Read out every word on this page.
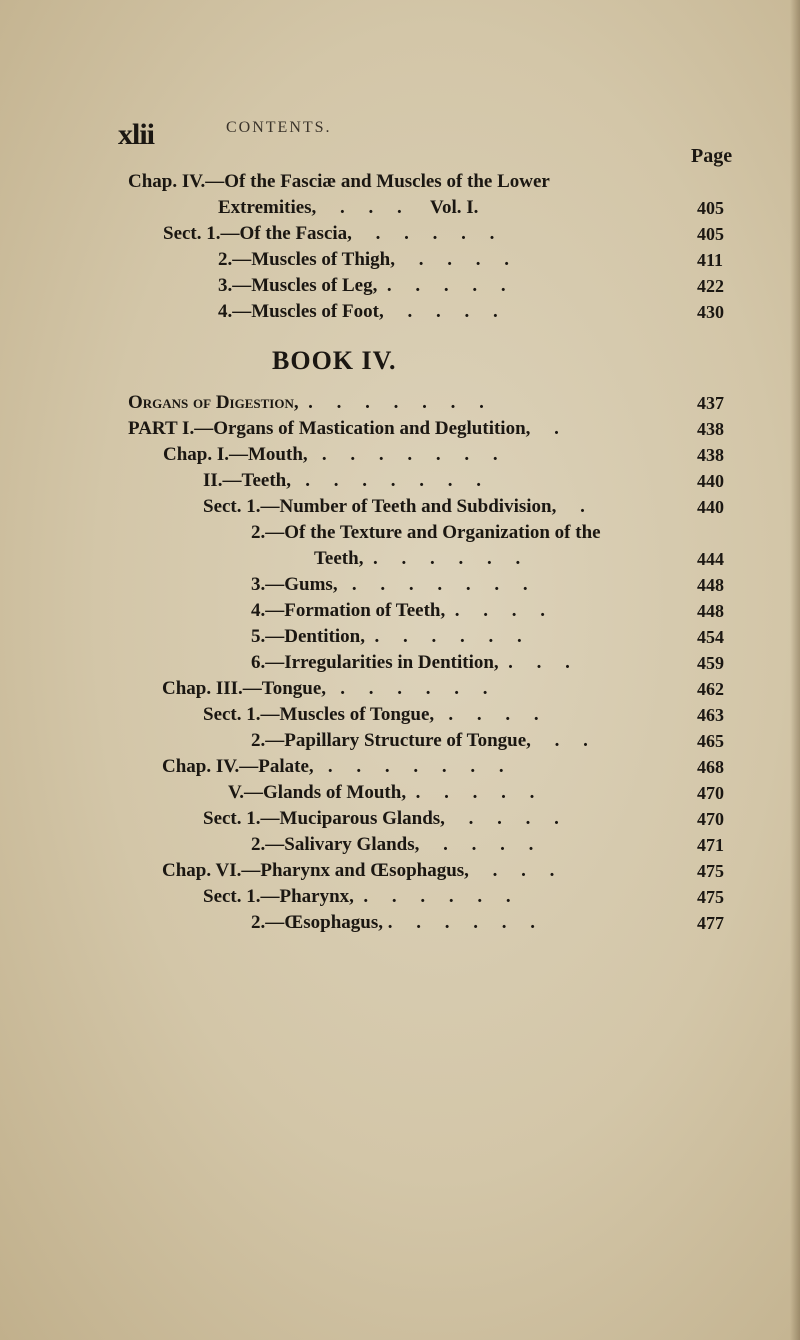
xlii	CONTENTS.
Page
Chap. IV.—Of the Fasciæ and Muscles of the Lower
Extremities,     .     .     .      Vol. I.	405
Sect. 1.—Of the Fascia,     .     .     .     .     .	405
2.—Muscles of Thigh,     .     .     .     .	411
3.—Muscles of Leg,  .     .     .     .     .	422
4.—Muscles of Foot,     .     .     .     .	430
BOOK IV.
Organs of Digestion,  .     .     .     .     .     .     .	437
PART I.—Organs of Mastication and Deglutition,     .	438
Chap. I.—Mouth,   .     .     .     .     .     .     .	438
II.—Teeth,   .     .     .     .     .     .     .	440
Sect. 1.—Number of Teeth and Subdivision,     .	440
2.—Of the Texture and Organization of the
Teeth,  .     .     .     .     .     .	444
3.—Gums,   .     .     .     .     .     .     .	448
4.—Formation of Teeth,  .     .     .     .	448
5.—Dentition,  .     .     .     .     .     .	454
6.—Irregularities in Dentition,  .     .     .	459
Chap. III.—Tongue,   .     .     .     .     .     .	462
Sect. 1.—Muscles of Tongue,   .     .     .     .	463
2.—Papillary Structure of Tongue,     .     .	465
Chap. IV.—Palate,   .     .     .     .     .     .     .	468
V.—Glands of Mouth,  .     .     .     .     .	470
Sect. 1.—Muciparous Glands,     .     .     .     .	470
2.—Salivary Glands,     .     .     .     .	471
Chap. VI.—Pharynx and Œsophagus,     .     .     .	475
Sect. 1.—Pharynx,  .     .     .     .     .     .	475
2.—Œsophagus, .     .     .     .     .     .	477
